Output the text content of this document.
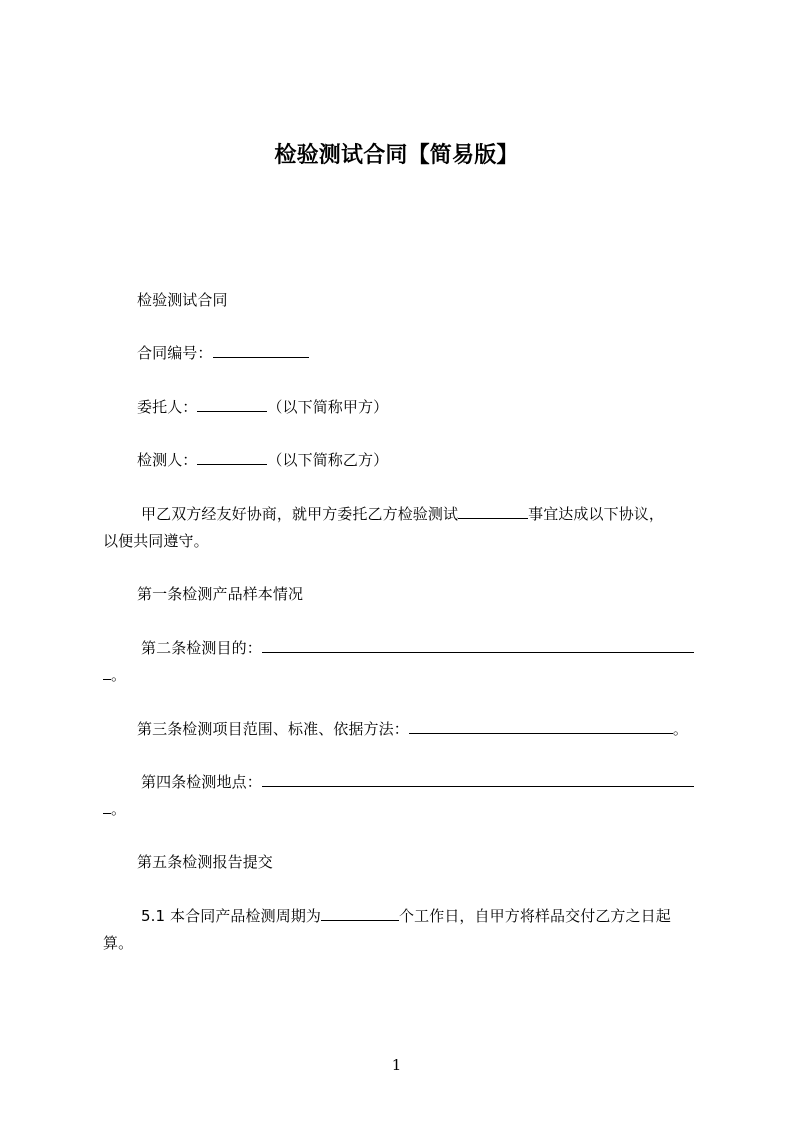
检验测试合同【简易版】
检验测试合同
合同编号：
委托人：	（以下简称甲方）
检测人：	（以下简称乙方）
甲乙双方经友好协商，就甲方委托乙方检验测试	事宜达成以下协议，
以便共同遵守。
第一条检测产品样本情况
第二条检测目的：
。
第三条检测项目范围、标准、依据方法：	。
第四条检测地点：
。
第五条检测报告提交
5.1 本合同产品检测周期为	个工作日，自甲方将样品交付乙方之日起
算。
1
